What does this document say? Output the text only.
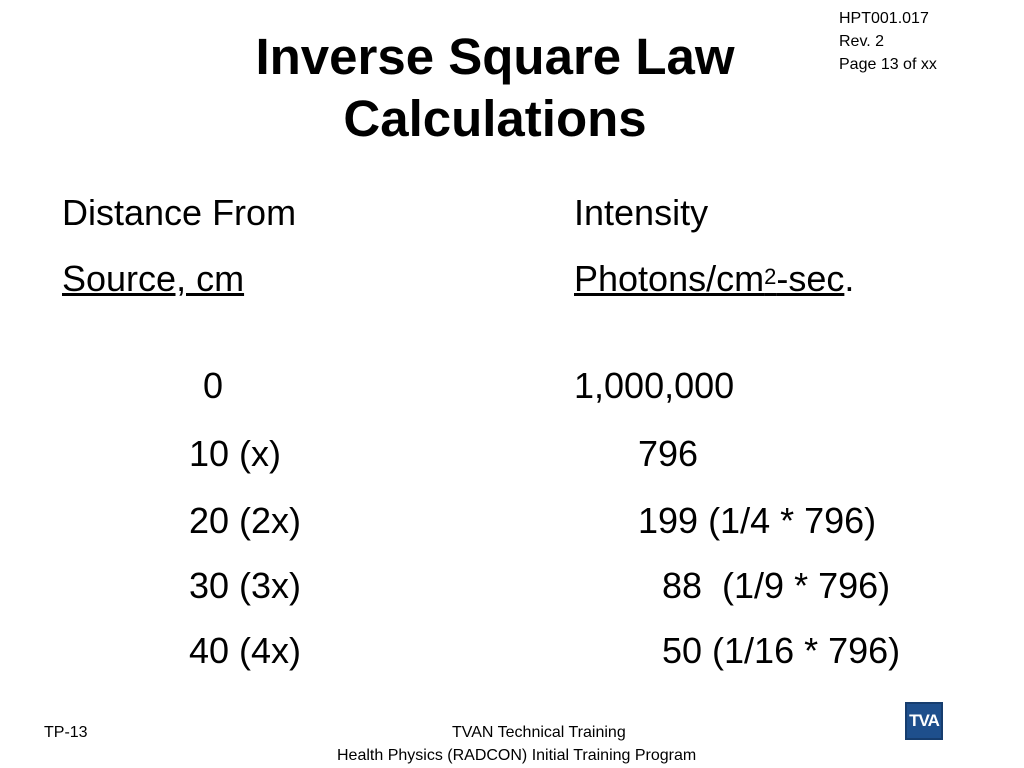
HPT001.017
Rev. 2
Page 13 of xx
Inverse Square Law
Calculations
Distance From
Source, cm
Intensity
Photons/$cm^2-\sec$.
0
10 (x)
20 (2x)
30 (3x)
40 (4x)
1,000,000
796
199 (1/4 * 796)
88  (1/9 * 796)
50 (1/16 * 796)
TP-13	TVAN Technical Training
Health Physics (RADCON) Initial Training Program
TVA
